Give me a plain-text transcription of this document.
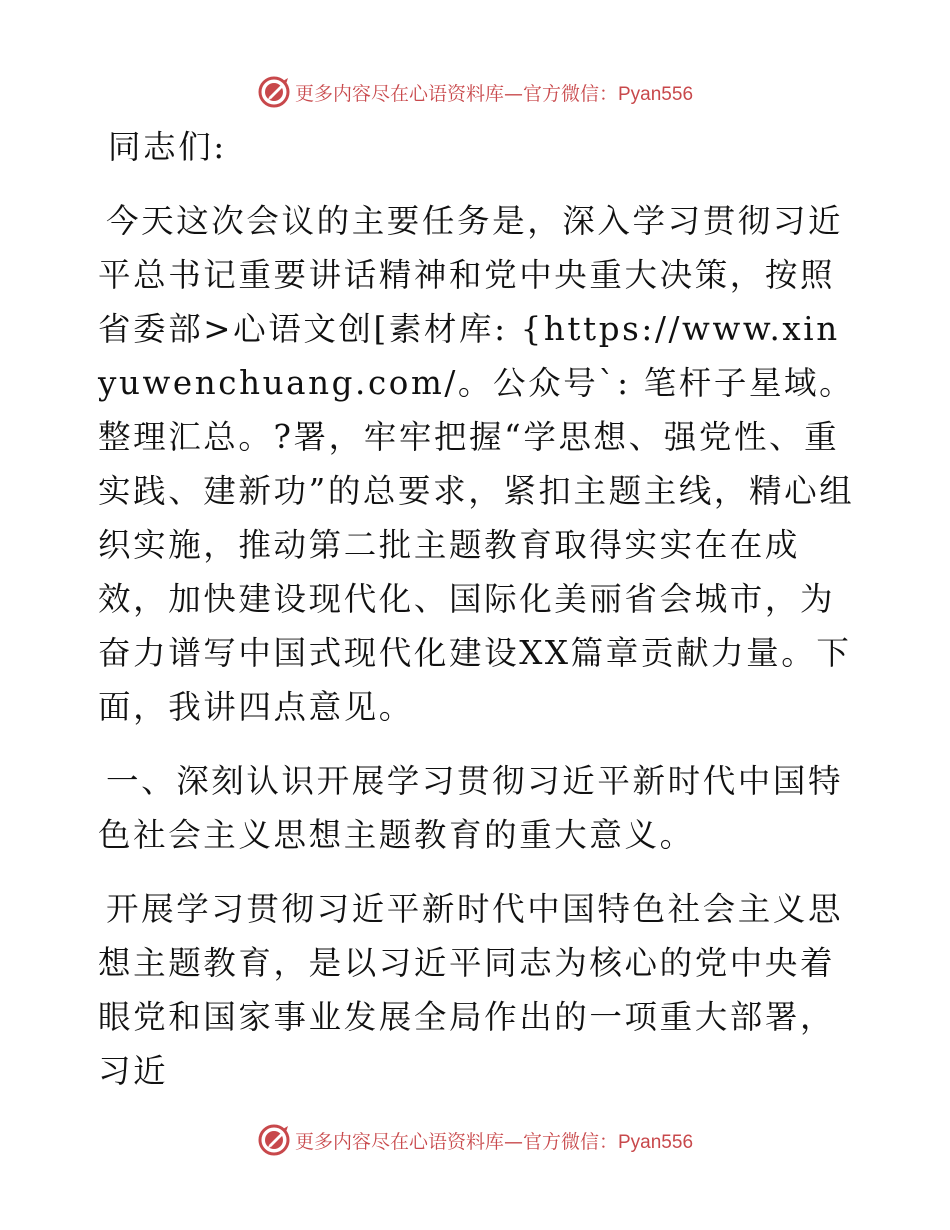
更多内容尽在心语资料库—官方微信：Pyan556

同志们:

今天这次会议的主要任务是，深入学习贯彻习近平总书记重要讲话精神和党中央重大决策，按照省委部>心语文创[素材库: {https://www.xinyuwenchuang.com/。公众号`: 笔杆子星域。整理汇总。?署，牢牢把握“学思想、强党性、重实践、建新功”的总要求，紧扣主题主线，精心组织实施，推动第二批主题教育取得实实在在成效，加快建设现代化、国际化美丽省会城市，为奋力谱写中国式现代化建设XX篇章贡献力量。下面，我讲四点意见。

一、深刻认识开展学习贯彻习近平新时代中国特色社会主义思想主题教育的重大意义。

开展学习贯彻习近平新时代中国特色社会主义思想主题教育，是以习近平同志为核心的党中央着眼党和国家事业发展全局作出的一项重大部署，习近

更多内容尽在心语资料库—官方微信：Pyan556
